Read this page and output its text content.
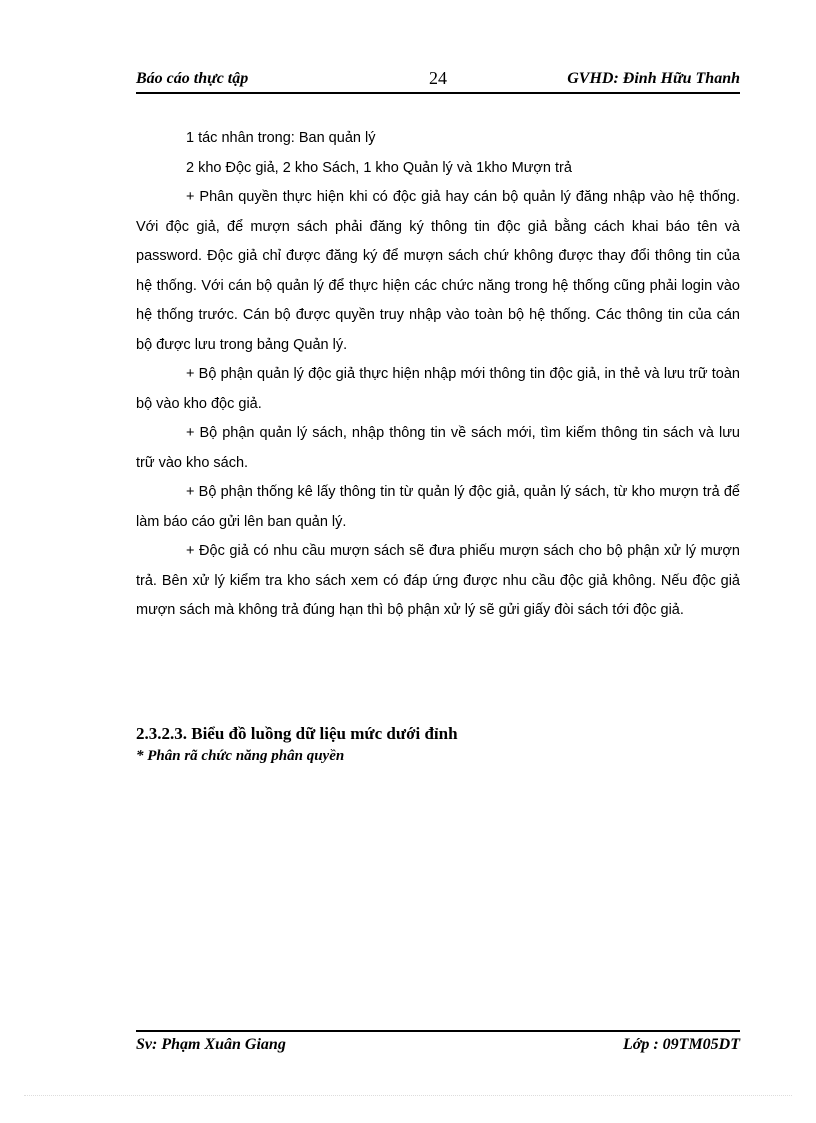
Báo cáo thực tập	24	GVHD: Đinh Hữu Thanh

1 tác nhân trong: Ban quản lý

2 kho Độc giả, 2 kho Sách, 1 kho Quản lý và 1kho Mượn trả

+ Phân quyền thực hiện khi có độc giả hay cán bộ quản lý đăng nhập vào hệ thống. Với độc giả, để mượn sách phải đăng ký thông tin độc giả bằng cách khai báo tên và password. Độc giả chỉ được đăng ký để mượn sách chứ không được thay đổi thông tin của hệ thống. Với cán bộ quản lý để thực hiện các chức năng trong hệ thống cũng phải login vào hệ thống trước. Cán bộ được quyền truy nhập vào toàn bộ hệ thống. Các thông tin của cán bộ được lưu trong bảng Quản lý.

+ Bộ phận quản lý độc giả thực hiện nhập mới thông tin độc giả, in thẻ và lưu trữ toàn bộ vào kho độc giả.

+ Bộ phận quản lý sách, nhập thông tin về sách mới, tìm kiếm thông tin sách và lưu trữ vào kho sách.

+ Bộ phận thống kê lấy thông tin từ quản lý độc giả, quản lý sách, từ kho mượn trả để làm báo cáo gửi lên ban quản lý.

+ Độc giả có nhu cầu mượn sách sẽ đưa phiếu mượn sách cho bộ phận xử lý mượn trả. Bên xử lý kiểm tra kho sách xem có đáp ứng được nhu cầu độc giả không. Nếu độc giả mượn sách mà không trả đúng hạn thì bộ phận xử lý sẽ gửi giấy đòi sách tới độc giả.

2.3.2.3. Biểu đồ luồng dữ liệu mức dưới đỉnh
* Phân rã chức năng phân quyền
Sv: Phạm Xuân Giang	Lớp : 09TM05DT
